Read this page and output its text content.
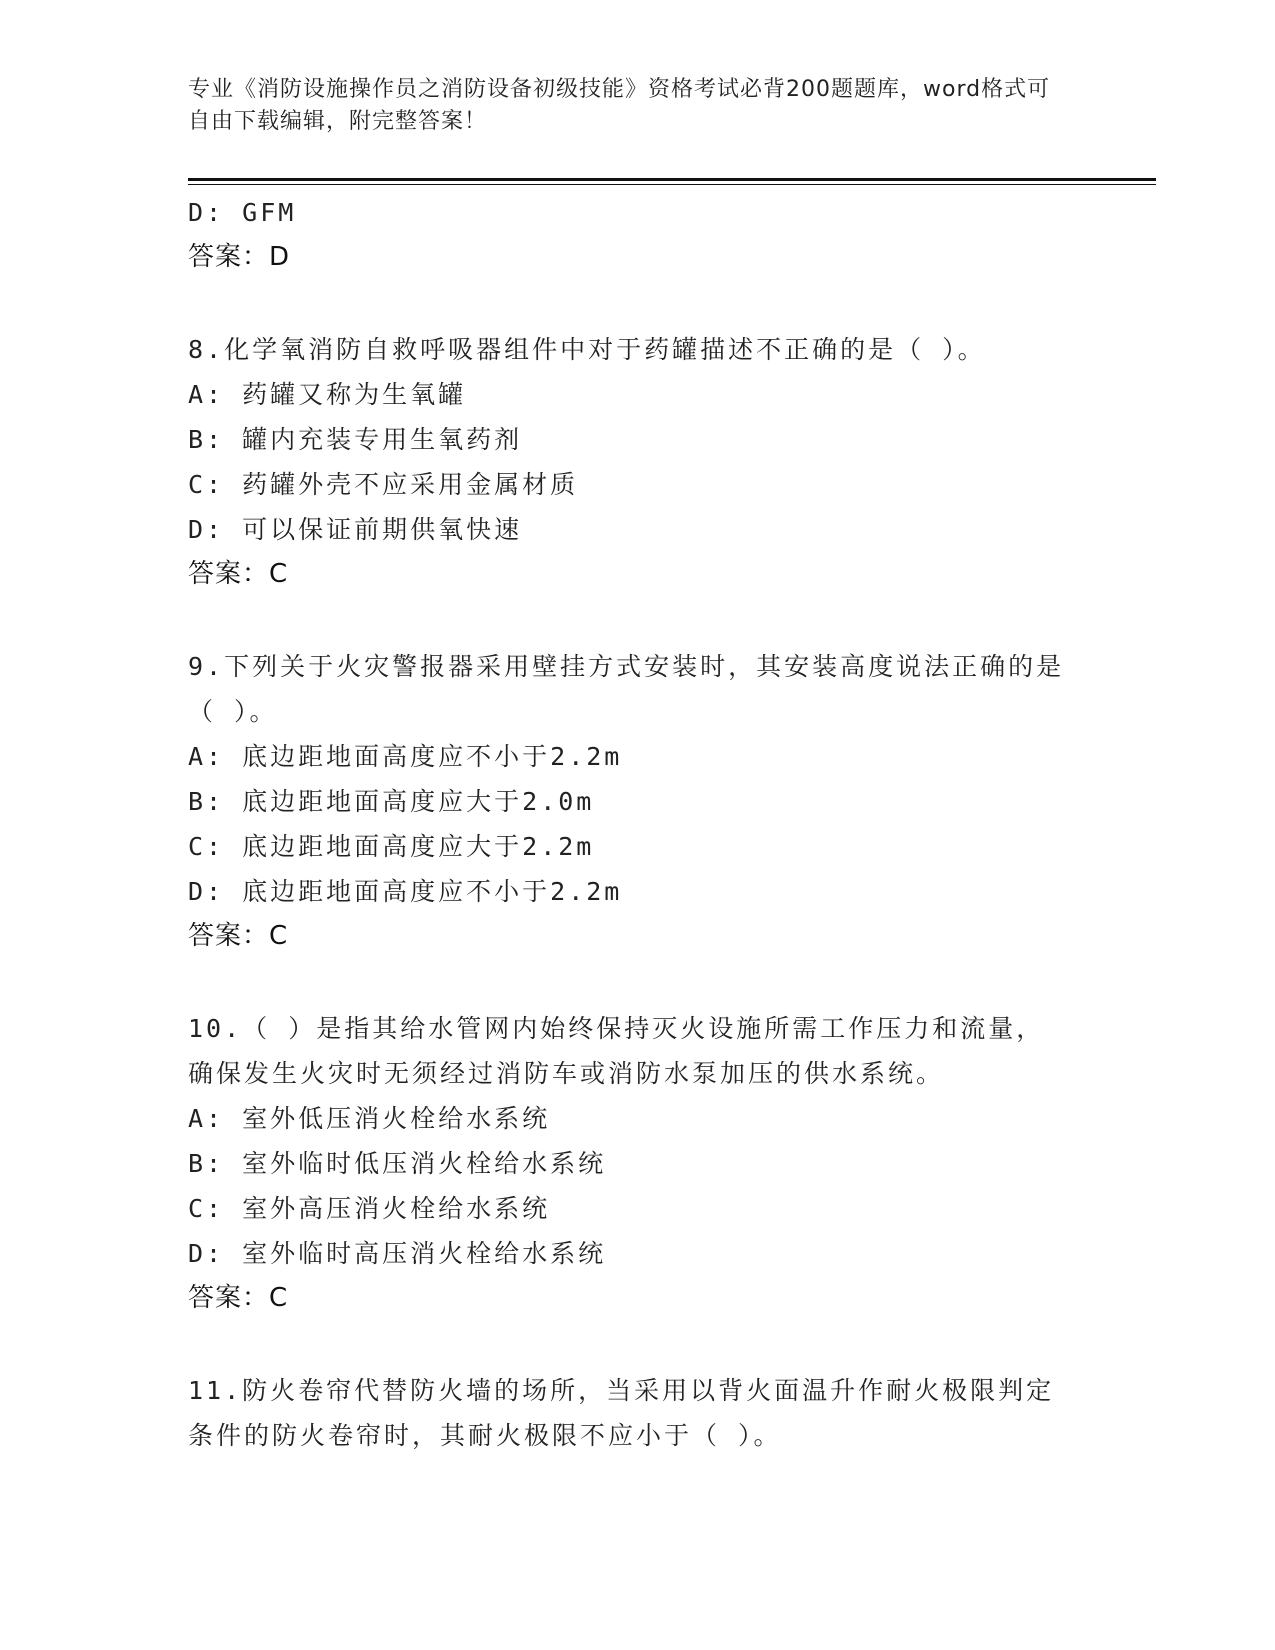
专业《消防设施操作员之消防设备初级技能》资格考试必背200题题库，word格式可自由下载编辑，附完整答案！
D: GFM
答案：D
8.化学氧消防自救呼吸器组件中对于药罐描述不正确的是（ ）。
A: 药罐又称为生氧罐
B: 罐内充装专用生氧药剂
C: 药罐外壳不应采用金属材质
D: 可以保证前期供氧快速
答案：C
9.下列关于火灾警报器采用壁挂方式安装时，其安装高度说法正确的是（ ）。
A: 底边距地面高度应不小于2.2m
B: 底边距地面高度应大于2.0m
C: 底边距地面高度应大于2.2m
D: 底边距地面高度应不小于2.2m
答案：C
10.（ ）是指其给水管网内始终保持灭火设施所需工作压力和流量，确保发生火灾时无须经过消防车或消防水泵加压的供水系统。
A: 室外低压消火栓给水系统
B: 室外临时低压消火栓给水系统
C: 室外高压消火栓给水系统
D: 室外临时高压消火栓给水系统
答案：C
11.防火卷帘代替防火墙的场所，当采用以背火面温升作耐火极限判定条件的防火卷帘时，其耐火极限不应小于（ ）。
